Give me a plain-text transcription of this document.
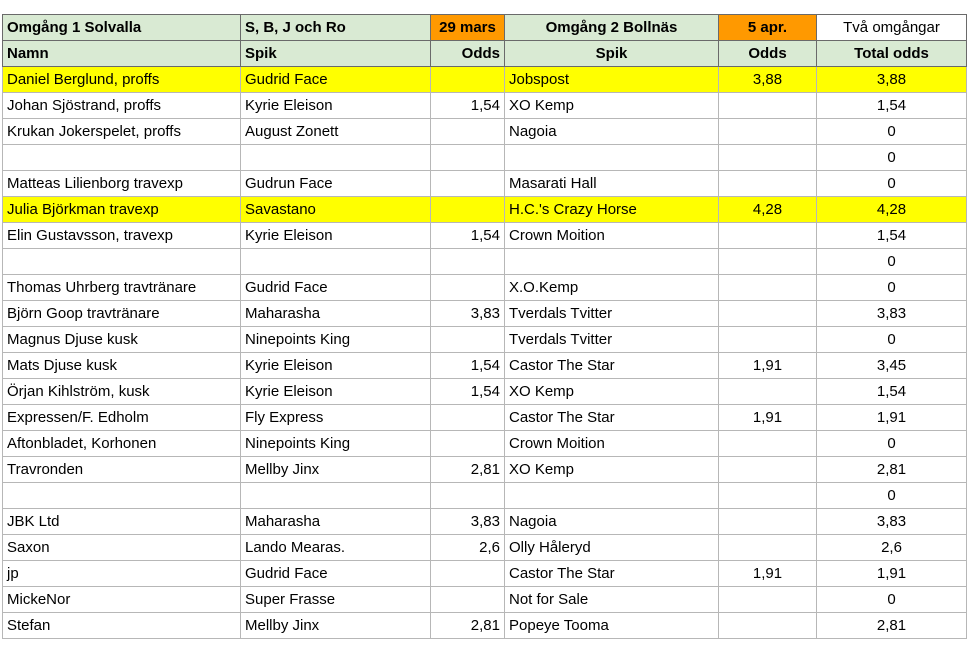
Omgång 1 Solvalla	S, B, J och Ro	29 mars	Omgång 2 Bollnäs	5 apr.	Två omgångar
Namn	Spik	Odds	Spik	Odds	Total odds
Daniel Berglund, proffs	Gudrid Face		Jobspost	3,88	3,88
Johan Sjöstrand, proffs	Kyrie Eleison	1,54	XO Kemp		1,54
Krukan Jokerspelet, proffs	August Zonett		Nagoia		0
					0
Matteas Lilienborg travexp	Gudrun Face		Masarati Hall		0
Julia Björkman travexp	Savastano		H.C.'s Crazy Horse	4,28	4,28
Elin Gustavsson, travexp	Kyrie Eleison	1,54	Crown Moition		1,54
					0
Thomas Uhrberg travtränare	Gudrid Face		X.O.Kemp		0
Björn Goop travtränare	Maharasha	3,83	Tverdals Tvitter		3,83
Magnus Djuse kusk	Ninepoints King		Tverdals Tvitter		0
Mats Djuse kusk	Kyrie Eleison	1,54	Castor The Star	1,91	3,45
Örjan Kihlström, kusk	Kyrie Eleison	1,54	XO Kemp		1,54
Expressen/F. Edholm	Fly Express		Castor The Star	1,91	1,91
Aftonbladet, Korhonen	Ninepoints King		Crown Moition		0
Travronden	Mellby Jinx	2,81	XO Kemp		2,81
					0
JBK Ltd	Maharasha	3,83	Nagoia		3,83
Saxon	Lando Mearas.	2,6	Olly Håleryd		2,6
jp	Gudrid Face		Castor The Star	1,91	1,91
MickeNor	Super Frasse		Not for Sale		0
Stefan	Mellby Jinx	2,81	Popeye Tooma		2,81
